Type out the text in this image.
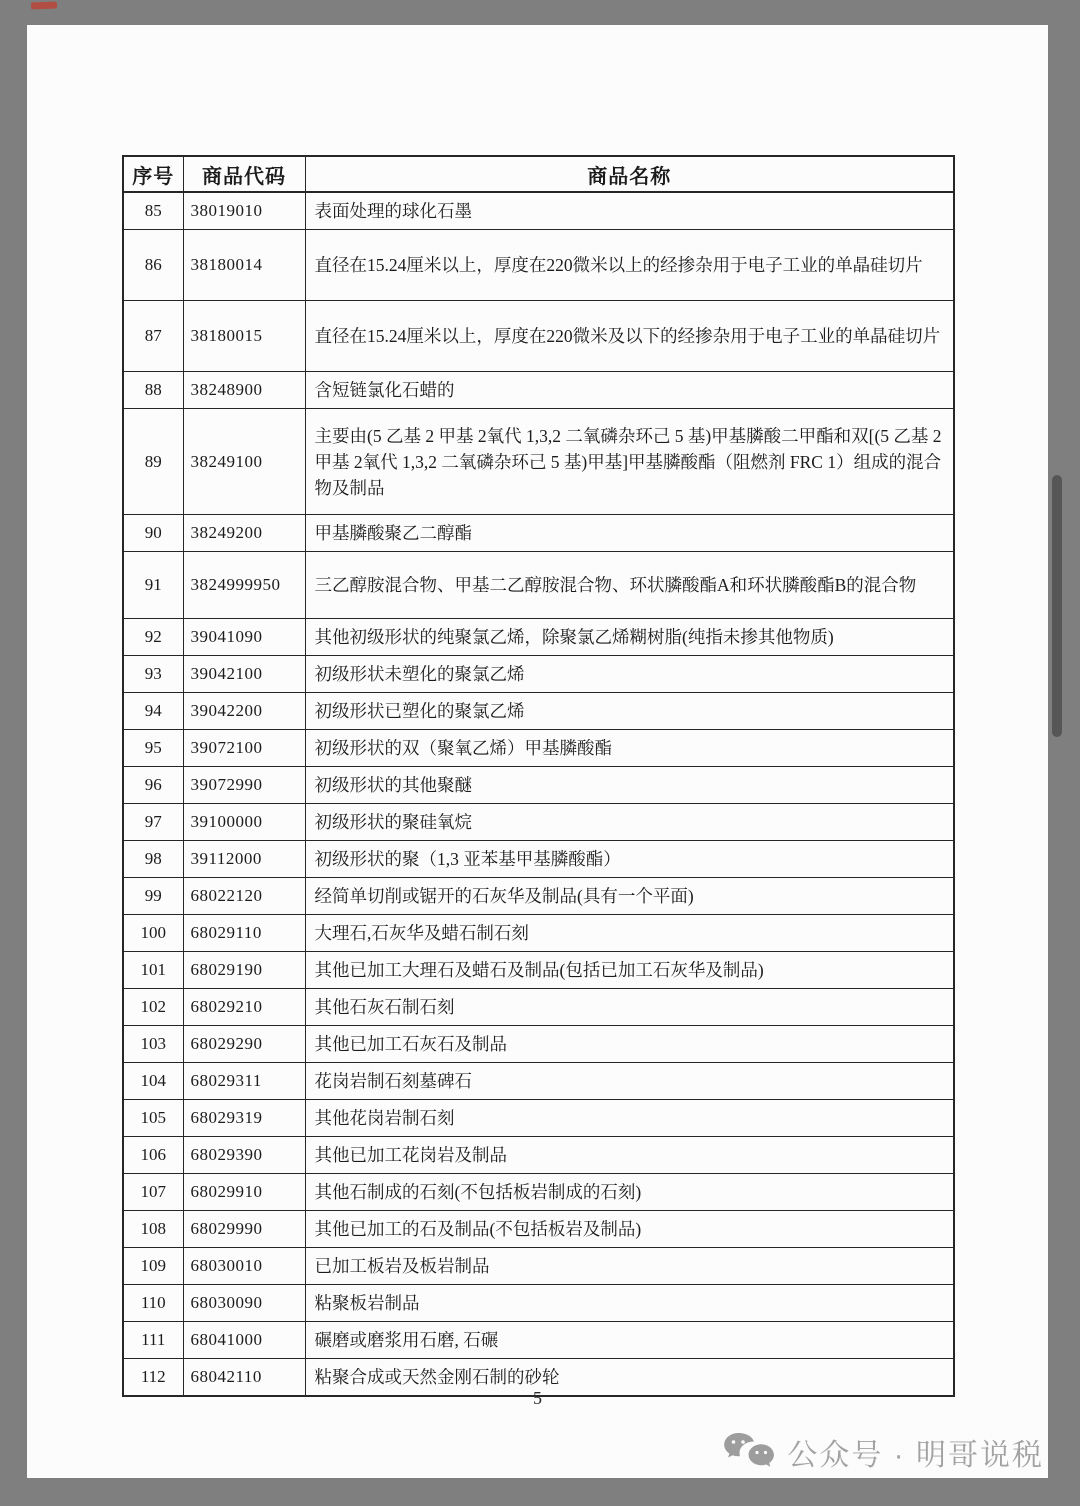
序号	商品代码	商品名称
85	38019010	表面处理的球化石墨
86	38180014	直径在15.24厘米以上，厚度在220微米以上的经掺杂用于电子工业的单晶硅切片
87	38180015	直径在15.24厘米以上，厚度在220微米及以下的经掺杂用于电子工业的单晶硅切片
88	38248900	含短链氯化石蜡的
89	38249100	主要由(5 乙基 2 甲基 2氧代 1,3,2 二氧磷杂环己 5 基)甲基膦酸二甲酯和双[(5 乙基 2 甲基 2氧代 1,3,2 二氧磷杂环己 5 基)甲基]甲基膦酸酯（阻燃剂 FRC 1）组成的混合物及制品
90	38249200	甲基膦酸聚乙二醇酯
91	3824999950	三乙醇胺混合物、甲基二乙醇胺混合物、环状膦酸酯A和环状膦酸酯B的混合物
92	39041090	其他初级形状的纯聚氯乙烯，除聚氯乙烯糊树脂(纯指未掺其他物质)
93	39042100	初级形状未塑化的聚氯乙烯
94	39042200	初级形状已塑化的聚氯乙烯
95	39072100	初级形状的双（聚氧乙烯）甲基膦酸酯
96	39072990	初级形状的其他聚醚
97	39100000	初级形状的聚硅氧烷
98	39112000	初级形状的聚（1,3 亚苯基甲基膦酸酯）
99	68022120	经简单切削或锯开的石灰华及制品(具有一个平面)
100	68029110	大理石,石灰华及蜡石制石刻
101	68029190	其他已加工大理石及蜡石及制品(包括已加工石灰华及制品)
102	68029210	其他石灰石制石刻
103	68029290	其他已加工石灰石及制品
104	68029311	花岗岩制石刻墓碑石
105	68029319	其他花岗岩制石刻
106	68029390	其他已加工花岗岩及制品
107	68029910	其他石制成的石刻(不包括板岩制成的石刻)
108	68029990	其他已加工的石及制品(不包括板岩及制品)
109	68030010	已加工板岩及板岩制品
110	68030090	粘聚板岩制品
111	68041000	碾磨或磨浆用石磨, 石碾
112	68042110	粘聚合成或天然金刚石制的砂轮
5
公众号 · 明哥说税
